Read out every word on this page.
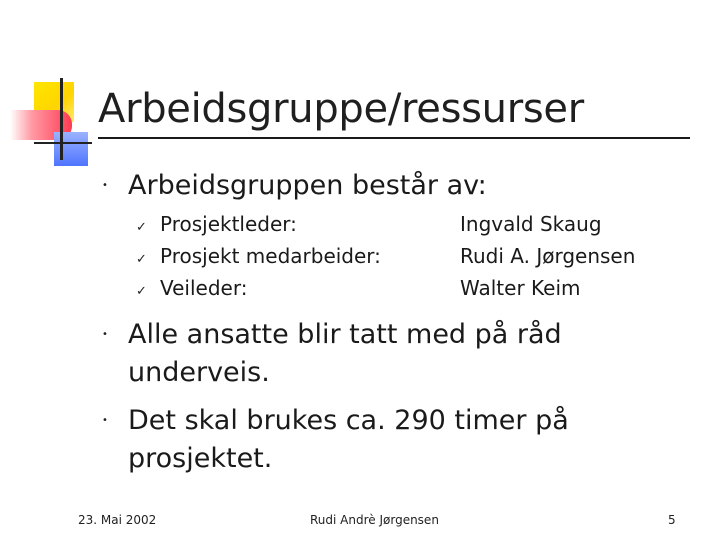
Arbeidsgruppe/ressurser
• Arbeidsgruppen består av:
✓ Prosjektleder:	Ingvald Skaug
✓ Prosjekt medarbeider:	Rudi A. Jørgensen
✓ Veileder:	Walter Keim
• Alle ansatte blir tatt med på råd underveis.
• Det skal brukes ca. 290 timer på prosjektet.
23. Mai 2002	Rudi Andrè Jørgensen	5
